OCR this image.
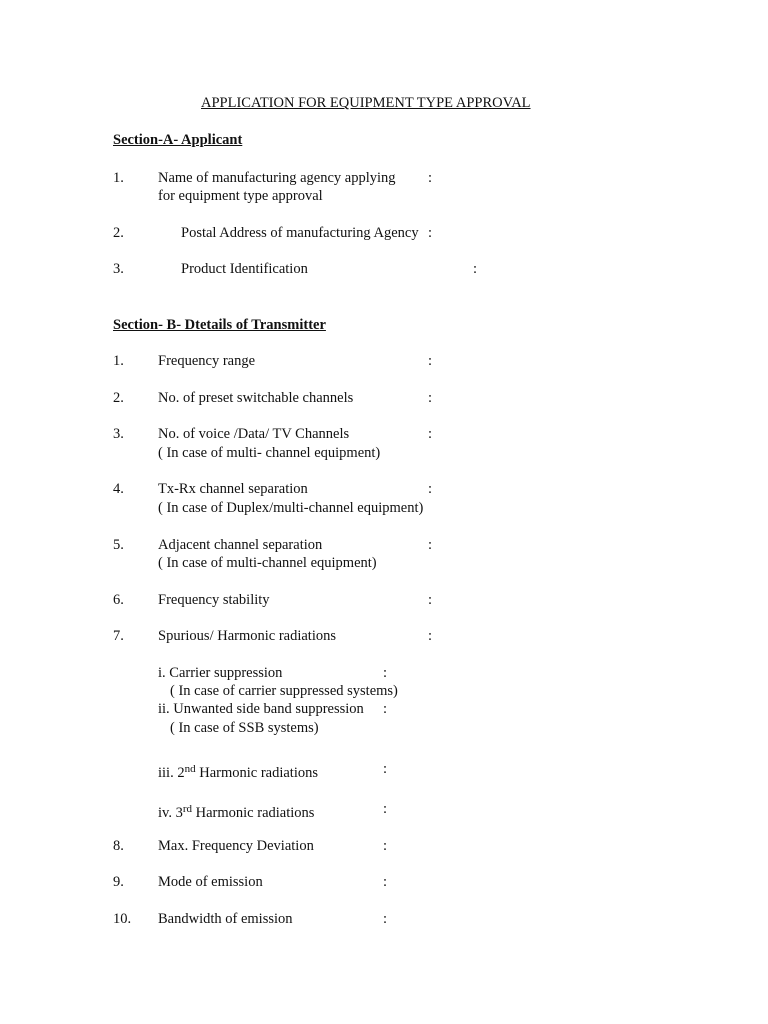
APPLICATION FOR EQUIPMENT TYPE APPROVAL
Section-A- Applicant
1. Name of manufacturing agency applying :
for equipment type approval
2.	Postal Address of manufacturing Agency :
3.	Product Identification	:
Section- B- Dtetails of Transmitter
1. Frequency range	:
2. No. of preset switchable channels	:
3. No. of voice /Data/ TV Channels	:
( In case of multi- channel equipment)
4. Tx-Rx channel separation	:
( In case of Duplex/multi-channel equipment)
5. Adjacent channel separation	:
( In case of multi-channel equipment)
6. Frequency stability	:
7. Spurious/ Harmonic radiations	:
i. Carrier suppression	:
( In case of carrier suppressed systems)
ii. Unwanted side band suppression :
( In case of SSB systems)
iii. 2nd Harmonic radiations	:
iv. 3rd Harmonic radiations	:
8. Max. Frequency Deviation	:
9. Mode of emission	:
10. Bandwidth of emission	:
